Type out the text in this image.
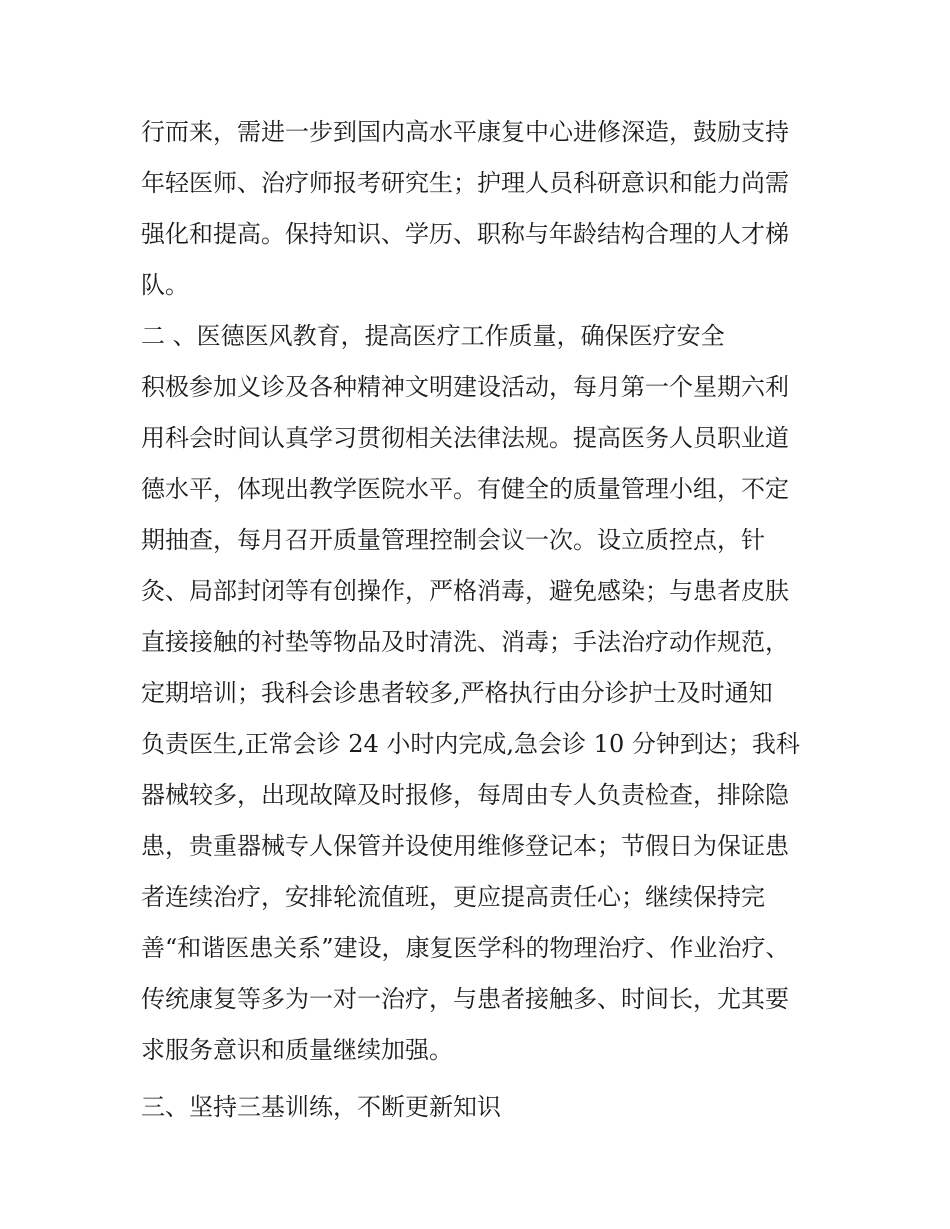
行而来，需进一步到国内高水平康复中心进修深造，鼓励支持
年轻医师、治疗师报考研究生；护理人员科研意识和能力尚需
强化和提高。保持知识、学历、职称与年龄结构合理的人才梯
队。
二 、医德医风教育，提高医疗工作质量，确保医疗安全
积极参加义诊及各种精神文明建设活动，每月第一个星期六利
用科会时间认真学习贯彻相关法律法规。提高医务人员职业道
德水平，体现出教学医院水平。有健全的质量管理小组，不定
期抽查，每月召开质量管理控制会议一次。设立质控点，针
灸、局部封闭等有创操作，严格消毒，避免感染；与患者皮肤
直接接触的衬垫等物品及时清洗、消毒；手法治疗动作规范，
定期培训；我科会诊患者较多,严格执行由分诊护士及时通知
负责医生,正常会诊 24 小时内完成,急会诊 10 分钟到达；我科
器械较多，出现故障及时报修，每周由专人负责检查，排除隐
患，贵重器械专人保管并设使用维修登记本；节假日为保证患
者连续治疗，安排轮流值班，更应提高责任心；继续保持完
善“和谐医患关系”建设，康复医学科的物理治疗、作业治疗、
传统康复等多为一对一治疗，与患者接触多、时间长，尤其要
求服务意识和质量继续加强。
三、坚持三基训练，不断更新知识
